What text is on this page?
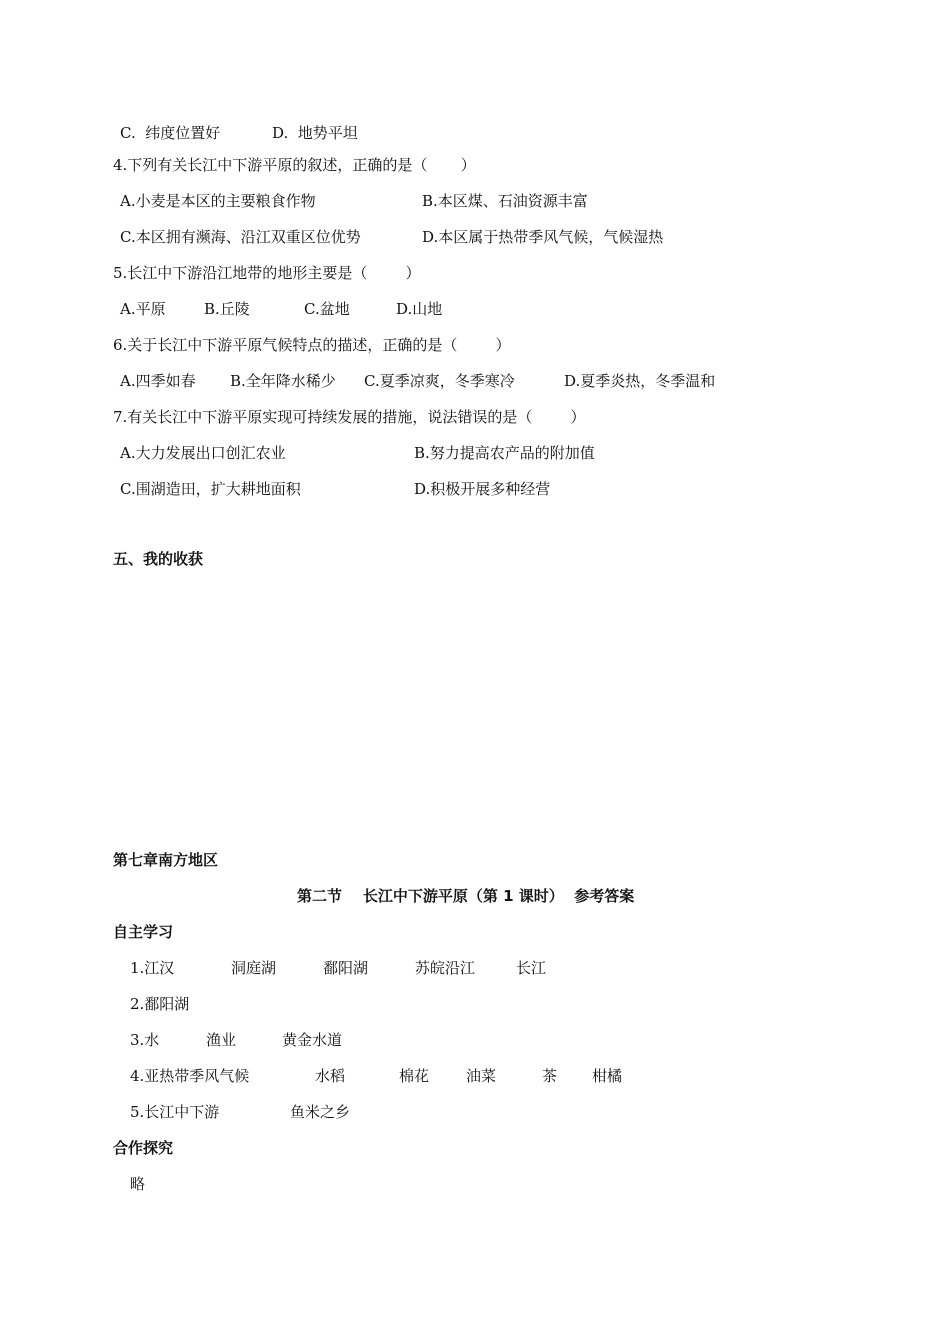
C.  纬度位置好

	D.  地势平坦

4.下列有关长江中下游平原的叙述，正确的是（       ）

A.小麦是本区的主要粮食作物

	B.本区煤、石油资源丰富

C.本区拥有濒海、沿江双重区位优势

	D.本区属于热带季风气候，气候湿热

5.长江中下游沿江地带的地形主要是（        ）

A.平原

	B.丘陵

	C.盆地

	D.山地

6.关于长江中下游平原气候特点的描述，正确的是（        ）

A.四季如春

B.全年降水稀少

C.夏季凉爽，冬季寒冷

	D.夏季炎热，冬季温和

7.有关长江中下游平原实现可持续发展的措施，说法错误的是（        ）

A.大力发展出口创汇农业

	B.努力提高农产品的附加值

C.围湖造田，扩大耕地面积

	D.积极开展多种经营

五、我的收获
第七章南方地区
第二节    长江中下游平原（第 1 课时）  参考答案
自主学习

1.江汉

	洞庭湖

	鄱阳湖

	苏皖沿江

	长江

2.鄱阳湖

3.水

	渔业

	黄金水道

4.亚热带季风气候

	水稻

	棉花

油菜

	茶

柑橘

5.长江中下游

	鱼米之乡

合作探究
略
